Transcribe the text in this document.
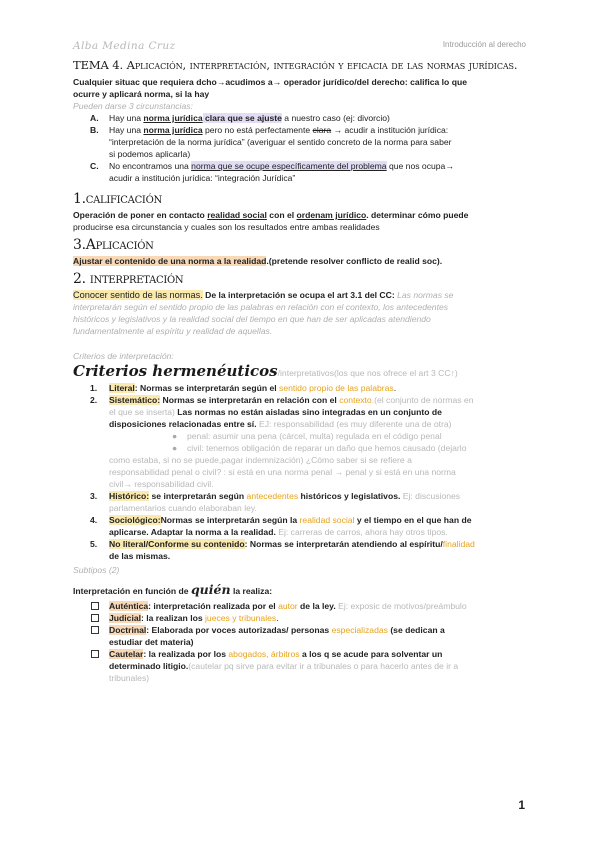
Alba Medina Cruz	Introducción al derecho
TEMA 4. Aplicación, interpretación, integración y eficacia de las normas jurídicas.

Cualquier situac que requiera dcho→acudimos a→ operador jurídico/del derecho: califica lo que

ocurre y aplicará norma, si la hay

Pueden darse 3 circunstancias:

A. Hay una norma jurídica clara que se ajuste a nuestro caso (ej: divorcio)
B. Hay una norma jurídica pero no está perfectamente clara → acudir a institución jurídica:
“interpretación de la norma jurídica” (averiguar el sentido concreto de la norma para saber
si podemos aplicarla)
C. No encontramos una norma que se ocupe específicamente del problema que nos ocupa→
acudir a institución jurídica: “integración Jurídica”
1.calificación

Operación de poner en contacto realidad social con el ordenam jurídico. determinar cómo puede

producirse esa circunstancia y cuales son los resultados entre ambas realidades

3.Aplicación

Ajustar el contenido de una norma a la realidad.(pretende resolver conflicto de realid soc).

2. interpretación

Conocer sentido de las normas. De la interpretación se ocupa el art 3.1 del CC: Las normas se

interpretarán según el sentido propio de las palabras en relación con el contexto, los antecedentes

históricos y legislativos y la realidad social del tiempo en que han de ser aplicadas atendiendo

fundamentalmente al espíritu y realidad de aquellas.

Criterios de interpretación:

Criterios hermenéuticos/interpretativos(los que nos ofrece el art 3 CC↑)
1. Literal: Normas se interpretarán según el sentido propio de las palabras.
2. Sistemático: Normas se interpretarán en relación con el contexto.(el conjunto de normas en
el que se inserta) Las normas no están aisladas sino integradas en un conjunto de
disposiciones relacionadas entre sí. EJ: responsabilidad (es muy diferente una de otra)
● penal: asumir una pena (cárcel, multa) regulada en el código penal
● civil: tenemos obligación de reparar un daño que hemos causado (dejarlo
como estaba, si no se puede,pagar indemnización) ¿Cómo saber si se refiere a
responsabilidad penal o civil? : si está en una norma penal → penal y si está en una norma
civil→ responsabilidad civil.
3. Histórico: se interpretarán según antecedentes históricos y legislativos. Ej: discusiones
parlamentarios cuando elaboraban ley.
4. Sociológico:Normas se interpretarán según la realidad social y el tiempo en el que han de
aplicarse. Adaptar la norma a la realidad. Ej: carreras de carros, ahora hay otros tipos.
5. No literal/Conforme su contenido: Normas se interpretarán atendiendo al espíritu/finalidad
de las mismas.

Subtipos (2)

Interpretación en función de quién la realiza:
Auténtica: interpretación realizada por el autor de la ley. Ej: exposic de motivos/preámbulo
Judicial: la realizan los jueces y tribunales.
Doctrinal: Elaborada por voces autorizadas/ personas especializadas (se dedican a
estudiar det materia)
Cautelar: la realizada por los abogados, árbitros a los q se acude para solventar un
determinado litigio.(cautelar pq sirve para evitar ir a tribunales o para hacerlo antes de ir a
tribunales)
1
